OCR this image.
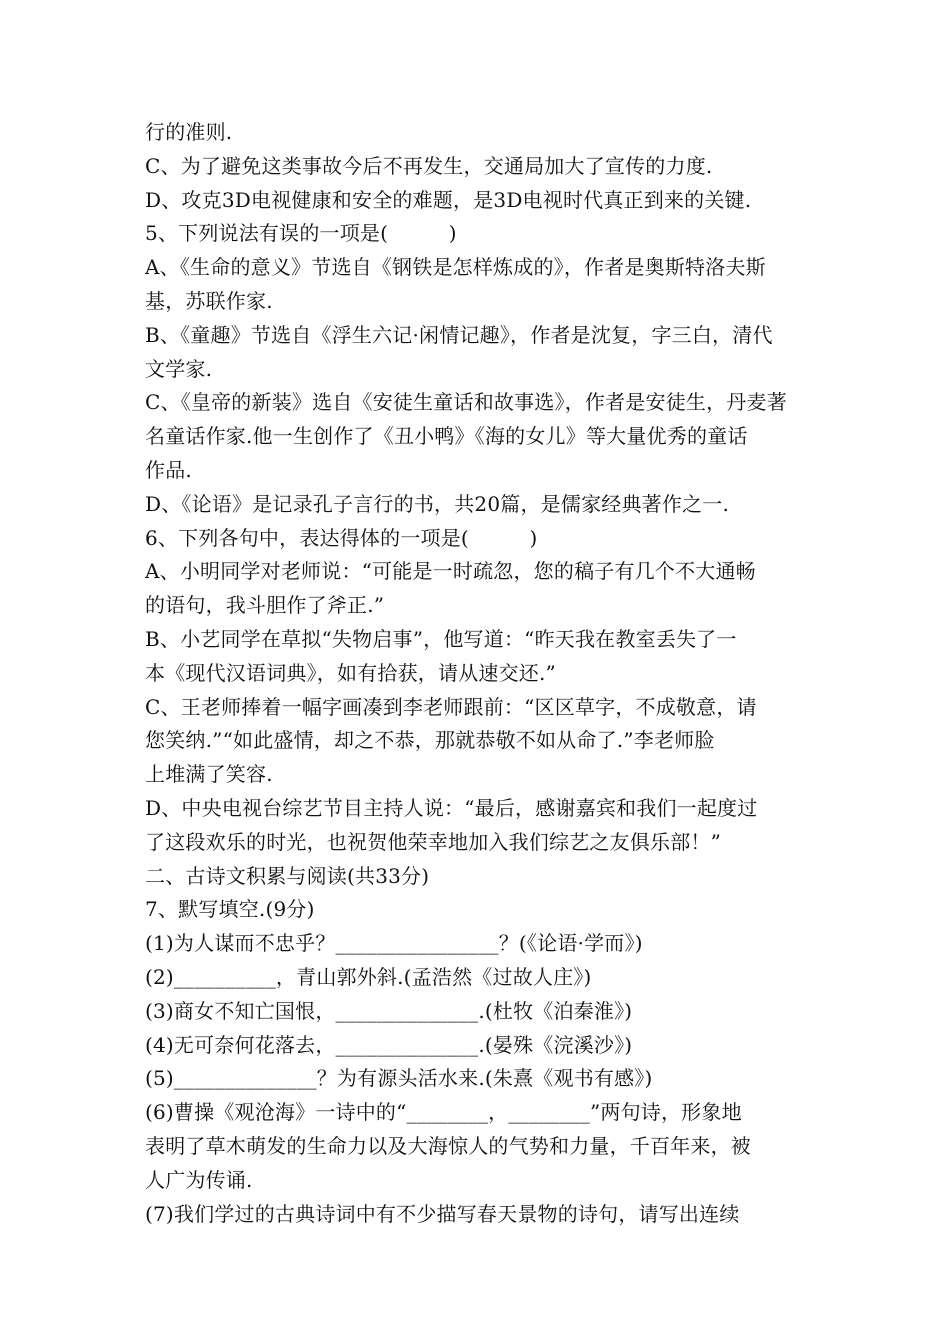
行的准则.
C、为了避免这类事故今后不再发生，交通局加大了宣传的力度.
D、攻克3D电视健康和安全的难题，是3D电视时代真正到来的关键.
5、下列说法有误的一项是(　　　)
A、《生命的意义》节选自《钢铁是怎样炼成的》，作者是奥斯特洛夫斯
基，苏联作家.
B、《童趣》节选自《浮生六记·闲情记趣》，作者是沈复，字三白，清代
文学家.
C、《皇帝的新装》选自《安徒生童话和故事选》，作者是安徒生，丹麦著
名童话作家.他一生创作了《丑小鸭》《海的女儿》等大量优秀的童话
作品.
D、《论语》是记录孔子言行的书，共20篇，是儒家经典著作之一.
6、下列各句中，表达得体的一项是(　　　)
A、小明同学对老师说：“可能是一时疏忽，您的稿子有几个不大通畅
的语句，我斗胆作了斧正.”
B、小艺同学在草拟“失物启事”，他写道：“昨天我在教室丢失了一
本《现代汉语词典》，如有拾获，请从速交还.”
C、王老师捧着一幅字画凑到李老师跟前：“区区草字，不成敬意，请
您笑纳.”“如此盛情，却之不恭，那就恭敬不如从命了.”李老师脸
上堆满了笑容.
D、中央电视台综艺节目主持人说：“最后，感谢嘉宾和我们一起度过
了这段欢乐的时光，也祝贺他荣幸地加入我们综艺之友俱乐部！”
二、古诗文积累与阅读(共33分)
7、默写填空.(9分)
(1)为人谋而不忠乎？________________？(《论语·学而》)
(2)__________，青山郭外斜.(孟浩然《过故人庄》)
(3)商女不知亡国恨，______________.(杜牧《泊秦淮》)
(4)无可奈何花落去，______________.(晏殊《浣溪沙》)
(5)______________？为有源头活水来.(朱熹《观书有感》)
(6)曹操《观沧海》一诗中的“________，________”两句诗，形象地
表明了草木萌发的生命力以及大海惊人的气势和力量，千百年来，被
人广为传诵.
(7)我们学过的古典诗词中有不少描写春天景物的诗句，请写出连续
